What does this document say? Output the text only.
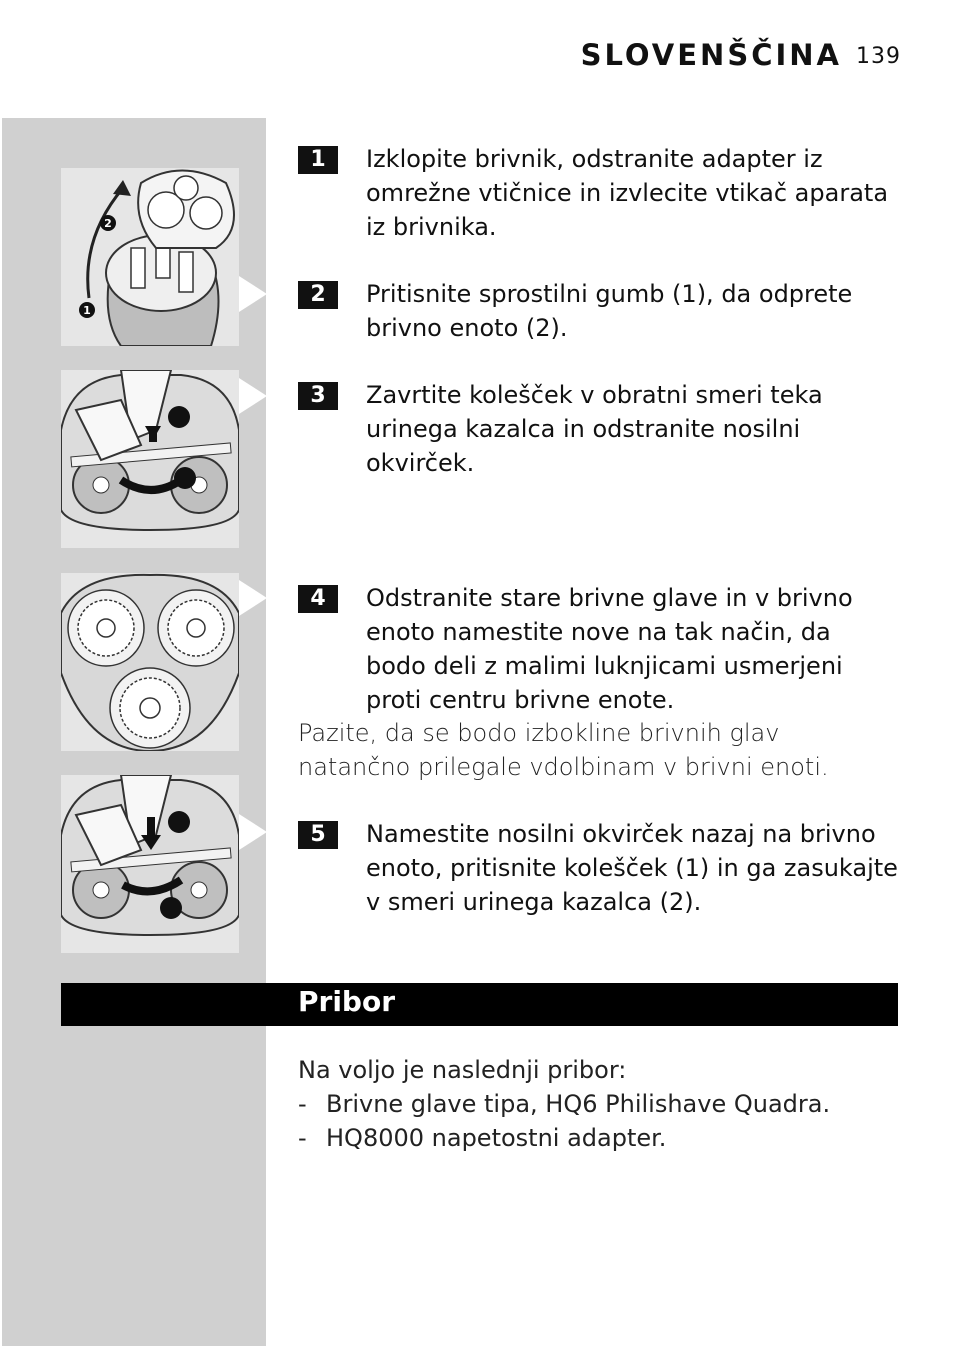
SLOVENŠČINA 139
2
1
1	Izklopite brivnik, odstranite adapter iz omrežne vtičnice in izvlecite vtikač aparata iz brivnika.
2	Pritisnite sprostilni gumb (1), da odprete brivno enoto (2).
3	Zavrtite kolešček v obratni smeri teka urinega kazalca in odstranite nosilni okvirček.
4	Odstranite stare brivne glave in v brivno enoto namestite nove na tak način, da bodo deli z malimi luknjicami usmerjeni proti centru brivne enote.
Pazite, da se bodo izbokline brivnih glav natančno prilegale vdolbinam v brivni enoti.
5	Namestite nosilni okvirček nazaj na brivno enoto, pritisnite kolešček (1) in ga zasukajte v smeri urinega kazalca (2).
Pribor
Na voljo je naslednji pribor:
- Brivne glave tipa, HQ6 Philishave Quadra.
- HQ8000 napetostni adapter.
